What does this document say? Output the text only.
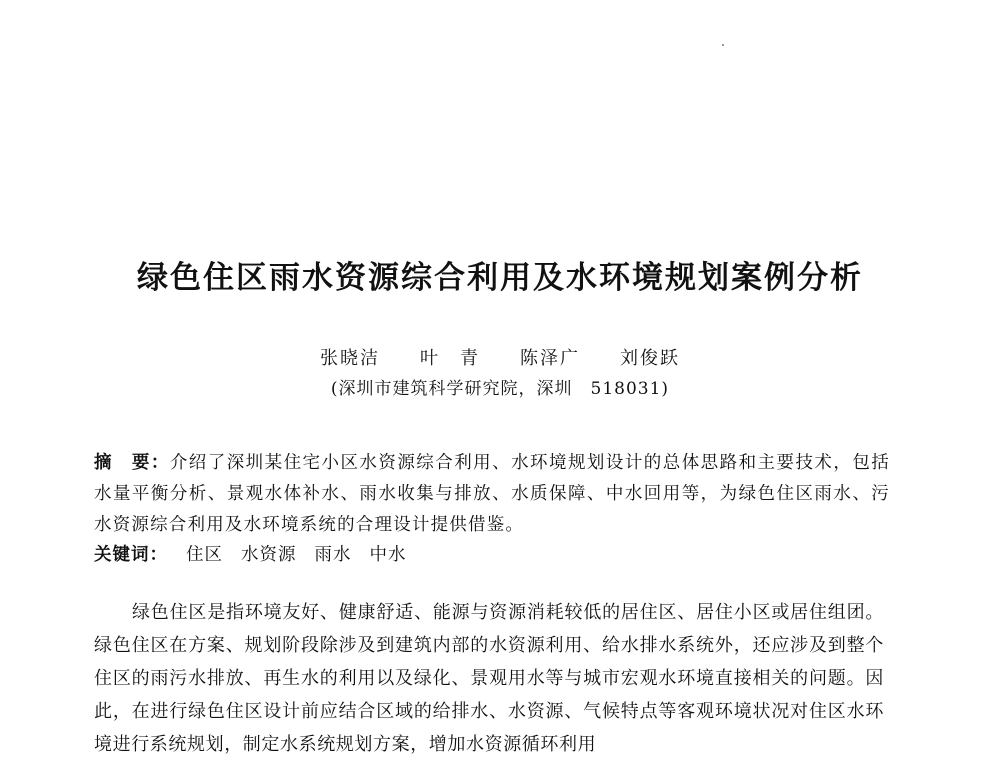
绿色住区雨水资源综合利用及水环境规划案例分析
张晓洁 叶　青 陈泽广 刘俊跃
(深圳市建筑科学研究院，深圳　518031)
摘　要：介绍了深圳某住宅小区水资源综合利用、水环境规划设计的总体思路和主要技术，包括水量平衡分析、景观水体补水、雨水收集与排放、水质保障、中水回用等，为绿色住区雨水、污水资源综合利用及水环境系统的合理设计提供借鉴。
关键词： 住区 水资源 雨水 中水

绿色住区是指环境友好、健康舒适、能源与资源消耗较低的居住区、居住小区或居住组团。绿色住区在方案、规划阶段除涉及到建筑内部的水资源利用、给水排水系统外，还应涉及到整个住区的雨污水排放、再生水的利用以及绿化、景观用水等与城市宏观水环境直接相关的问题。因此，在进行绿色住区设计前应结合区域的给排水、水资源、气候特点等客观环境状况对住区水环境进行系统规划，制定水系统规划方案，增加水资源循环利用
